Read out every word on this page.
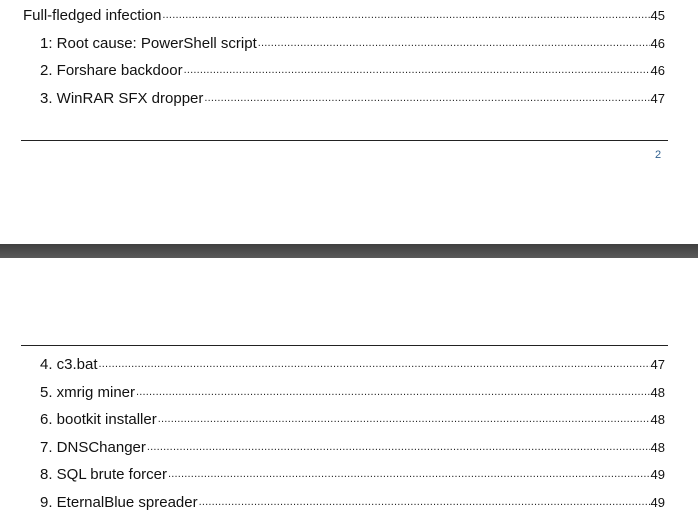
Full-fledged infection .....	45
1: Root cause: PowerShell script .....	46
2. Forshare backdoor .....	46
3. WinRAR SFX dropper .....	47
2
4. c3.bat .....	47
5. xmrig miner .....	48
6. bootkit installer .....	48
7. DNSChanger .....	48
8. SQL brute forcer .....	49
9. EternalBlue spreader .....	49
